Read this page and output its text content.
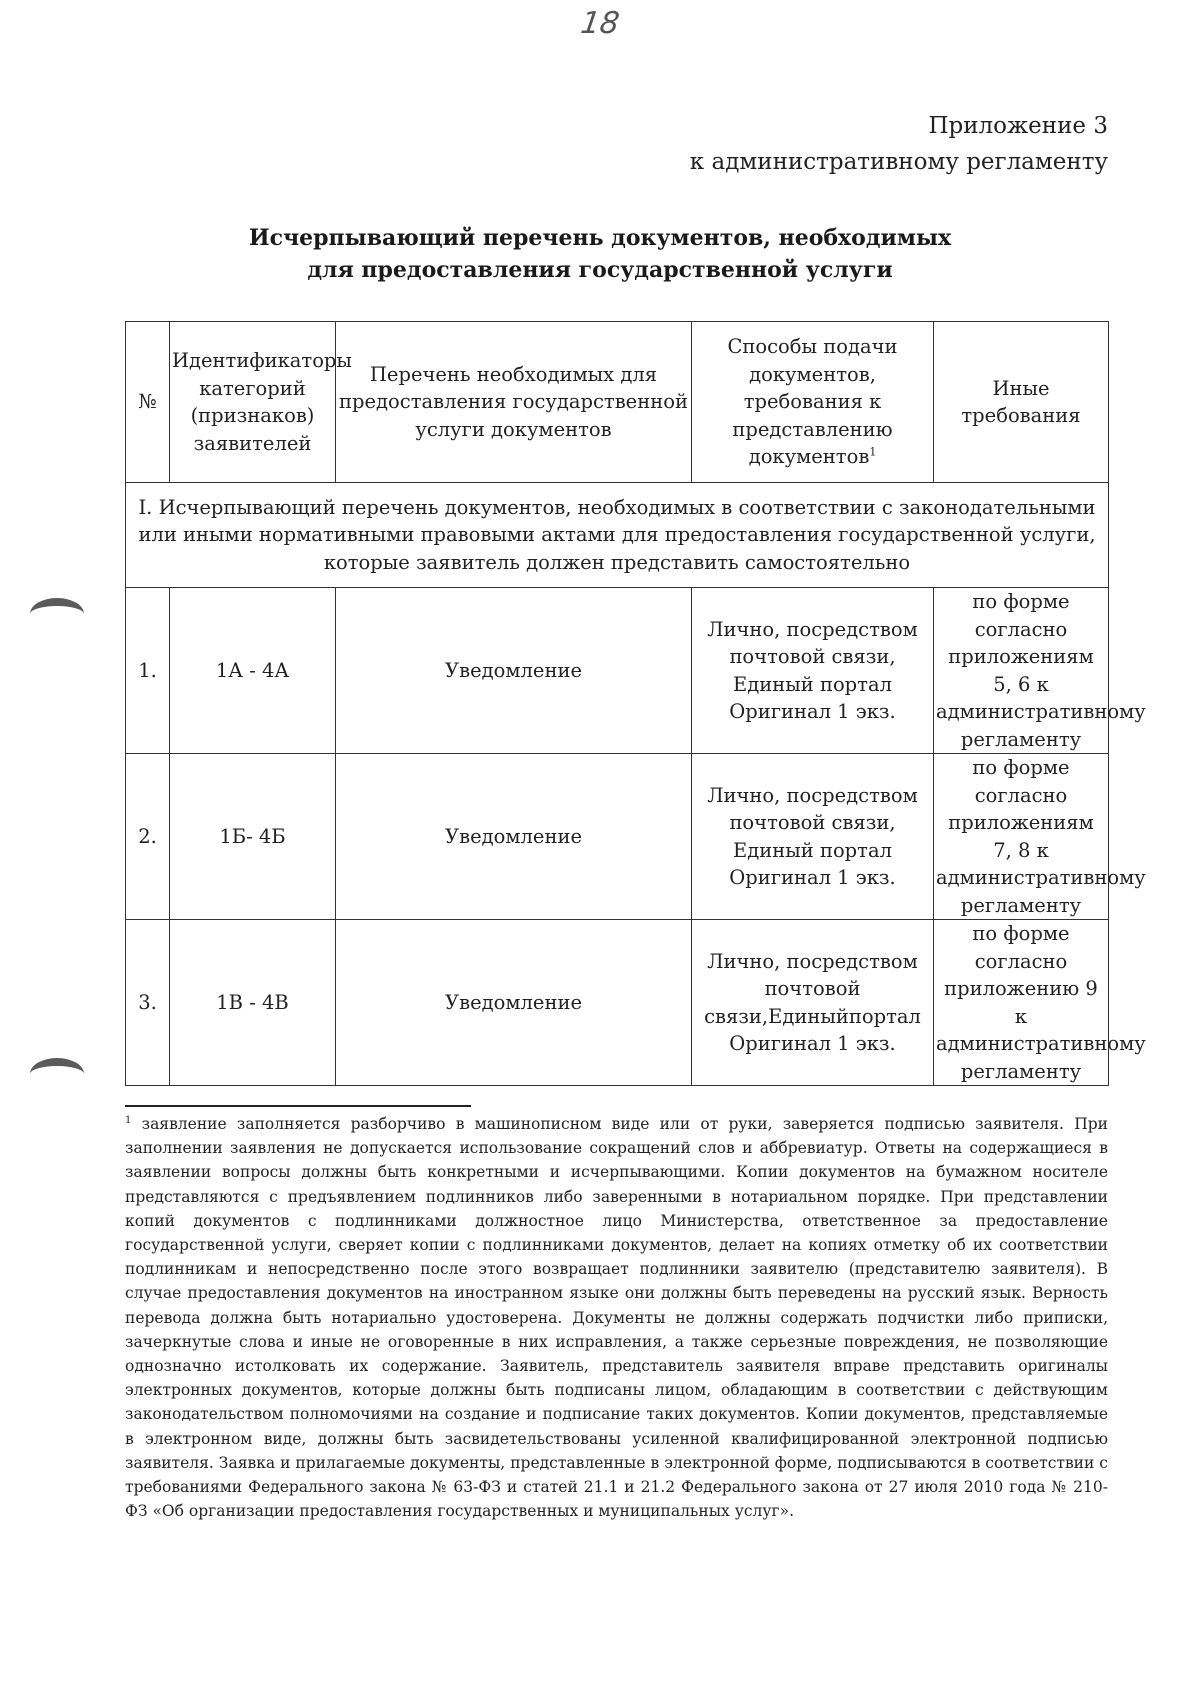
18
Приложение 3
к административному регламенту
Исчерпывающий перечень документов, необходимых
для предоставления государственной услуги
№	Идентификаторы категорий (признаков) заявителей	Перечень необходимых для предоставления государственной услуги документов	Способы подачи документов, требования к представлению документов$^1$	Иные требования
I. Исчерпывающий перечень документов, необходимых в соответствии с законодательными или иными нормативными правовыми актами для предоставления государственной услуги, которые заявитель должен представить самостоятельно				
1.	1А - 4А	Уведомление	Лично, посредством почтовой связи, Единый портал Оригинал 1 экз.	по форме согласно приложениям 5, 6 к административному регламенту
2.	1Б- 4Б	Уведомление	Лично, посредством почтовой связи, Единый портал Оригинал 1 экз.	по форме согласно приложениям 7, 8 к административному регламенту
3.	1В - 4В	Уведомление	Лично, посредством почтовой связи,Единыйпортал Оригинал 1 экз.	по форме согласно приложению 9 к административному регламенту
$^1$ заявление заполняется разборчиво в машинописном виде или от руки, заверяется подписью заявителя. При заполнении заявления не допускается использование сокращений слов и аббревиатур. Ответы на содержащиеся в заявлении вопросы должны быть конкретными и исчерпывающими. Копии документов на бумажном носителе представляются с предъявлением подлинников либо заверенными в нотариальном порядке. При представлении копий документов с подлинниками должностное лицо Министерства, ответственное за предоставление государственной услуги, сверяет копии с подлинниками документов, делает на копиях отметку об их соответствии подлинникам и непосредственно после этого возвращает подлинники заявителю (представителю заявителя). В случае предоставления документов на иностранном языке они должны быть переведены на русский язык. Верность перевода должна быть нотариально удостоверена. Документы не должны содержать подчистки либо приписки, зачеркнутые слова и иные не оговоренные в них исправления, а также серьезные повреждения, не позволяющие однозначно истолковать их содержание. Заявитель, представитель заявителя вправе представить оригиналы электронных документов, которые должны быть подписаны лицом, обладающим в соответствии с действующим законодательством полномочиями на создание и подписание таких документов. Копии документов, представляемые в электронном виде, должны быть засвидетельствованы усиленной квалифицированной электронной подписью заявителя. Заявка и прилагаемые документы, представленные в электронной форме, подписываются в соответствии с требованиями Федерального закона № 63-ФЗ и статей 21.1 и 21.2 Федерального закона от 27 июля 2010 года № 210-ФЗ «Об организации предоставления государственных и муниципальных услуг».
